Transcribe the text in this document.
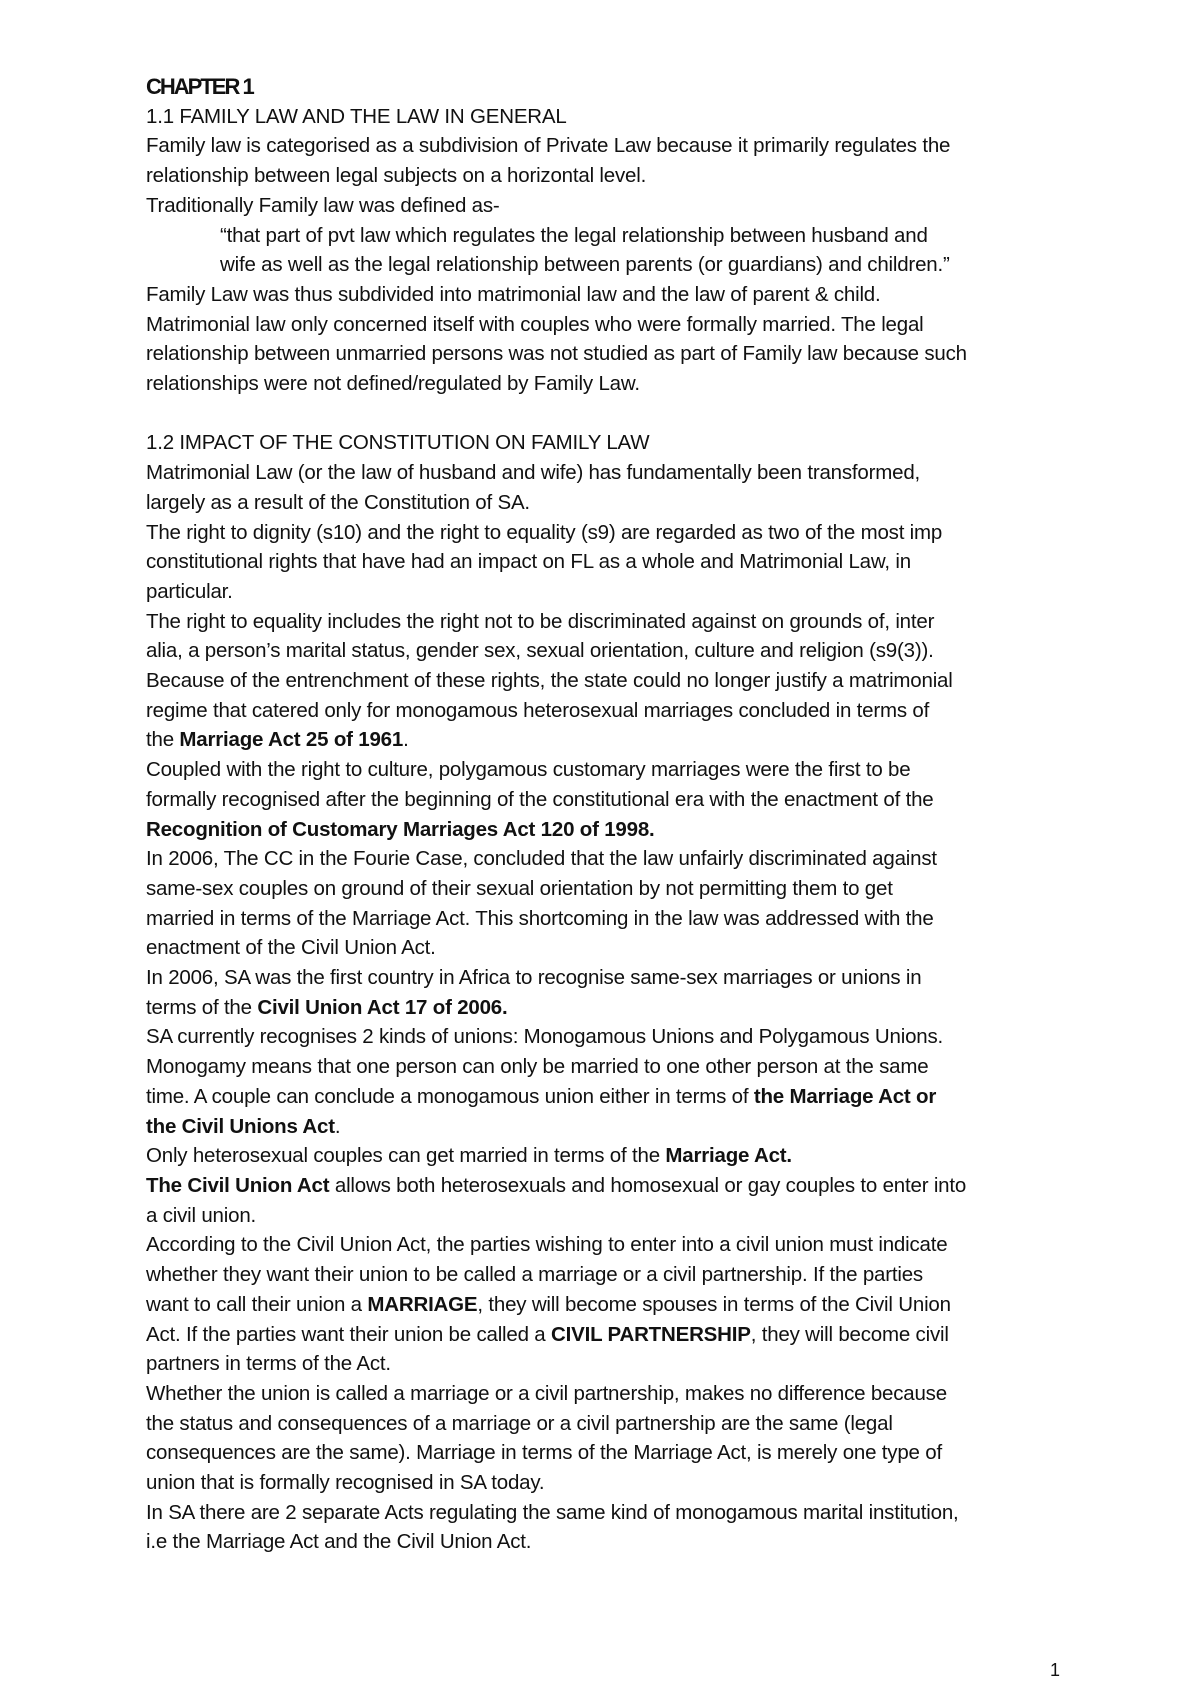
CHAPTER 1
1.1 FAMILY LAW AND THE LAW IN GENERAL
Family law is categorised as a subdivision of Private Law because it primarily regulates the
relationship between legal subjects on a horizontal level.
Traditionally Family law was defined as-
“that part of pvt law which regulates the legal relationship between husband and
wife as well as the legal relationship between parents (or guardians) and children.”
Family Law was thus subdivided into matrimonial law and the law of parent & child.
Matrimonial law only concerned itself with couples who were formally married. The legal
relationship between unmarried persons was not studied as part of Family law because such
relationships were not defined/regulated by Family Law.
1.2 IMPACT OF THE CONSTITUTION ON FAMILY LAW
Matrimonial Law (or the law of husband and wife) has fundamentally been transformed,
largely as a result of the Constitution of SA.
The right to dignity (s10) and the right to equality (s9) are regarded as two of the most imp
constitutional rights that have had an impact on FL as a whole and Matrimonial Law, in
particular.
The right to equality includes the right not to be discriminated against on grounds of, inter
alia, a person’s marital status, gender sex, sexual orientation, culture and religion (s9(3)).
Because of the entrenchment of these rights, the state could no longer justify a matrimonial
regime that catered only for monogamous heterosexual marriages concluded in terms of
the Marriage Act 25 of 1961.
Coupled with the right to culture, polygamous customary marriages were the first to be
formally recognised after the beginning of the constitutional era with the enactment of the
Recognition of Customary Marriages Act 120 of 1998.
In 2006, The CC in the Fourie Case, concluded that the law unfairly discriminated against
same-sex couples on ground of their sexual orientation by not permitting them to get
married in terms of the Marriage Act. This shortcoming in the law was addressed with the
enactment of the Civil Union Act.
In 2006, SA was the first country in Africa to recognise same-sex marriages or unions in
terms of the Civil Union Act 17 of 2006.
SA currently recognises 2 kinds of unions: Monogamous Unions and Polygamous Unions.
Monogamy means that one person can only be married to one other person at the same
time. A couple can conclude a monogamous union either in terms of the Marriage Act or
the Civil Unions Act.
Only heterosexual couples can get married in terms of the Marriage Act.
The Civil Union Act allows both heterosexuals and homosexual or gay couples to enter into
a civil union.
According to the Civil Union Act, the parties wishing to enter into a civil union must indicate
whether they want their union to be called a marriage or a civil partnership. If the parties
want to call their union a MARRIAGE, they will become spouses in terms of the Civil Union
Act. If the parties want their union be called a CIVIL PARTNERSHIP, they will become civil
partners in terms of the Act.
Whether the union is called a marriage or a civil partnership, makes no difference because
the status and consequences of a marriage or a civil partnership are the same (legal
consequences are the same). Marriage in terms of the Marriage Act, is merely one type of
union that is formally recognised in SA today.
In SA there are 2 separate Acts regulating the same kind of monogamous marital institution,
i.e the Marriage Act and the Civil Union Act.
1
